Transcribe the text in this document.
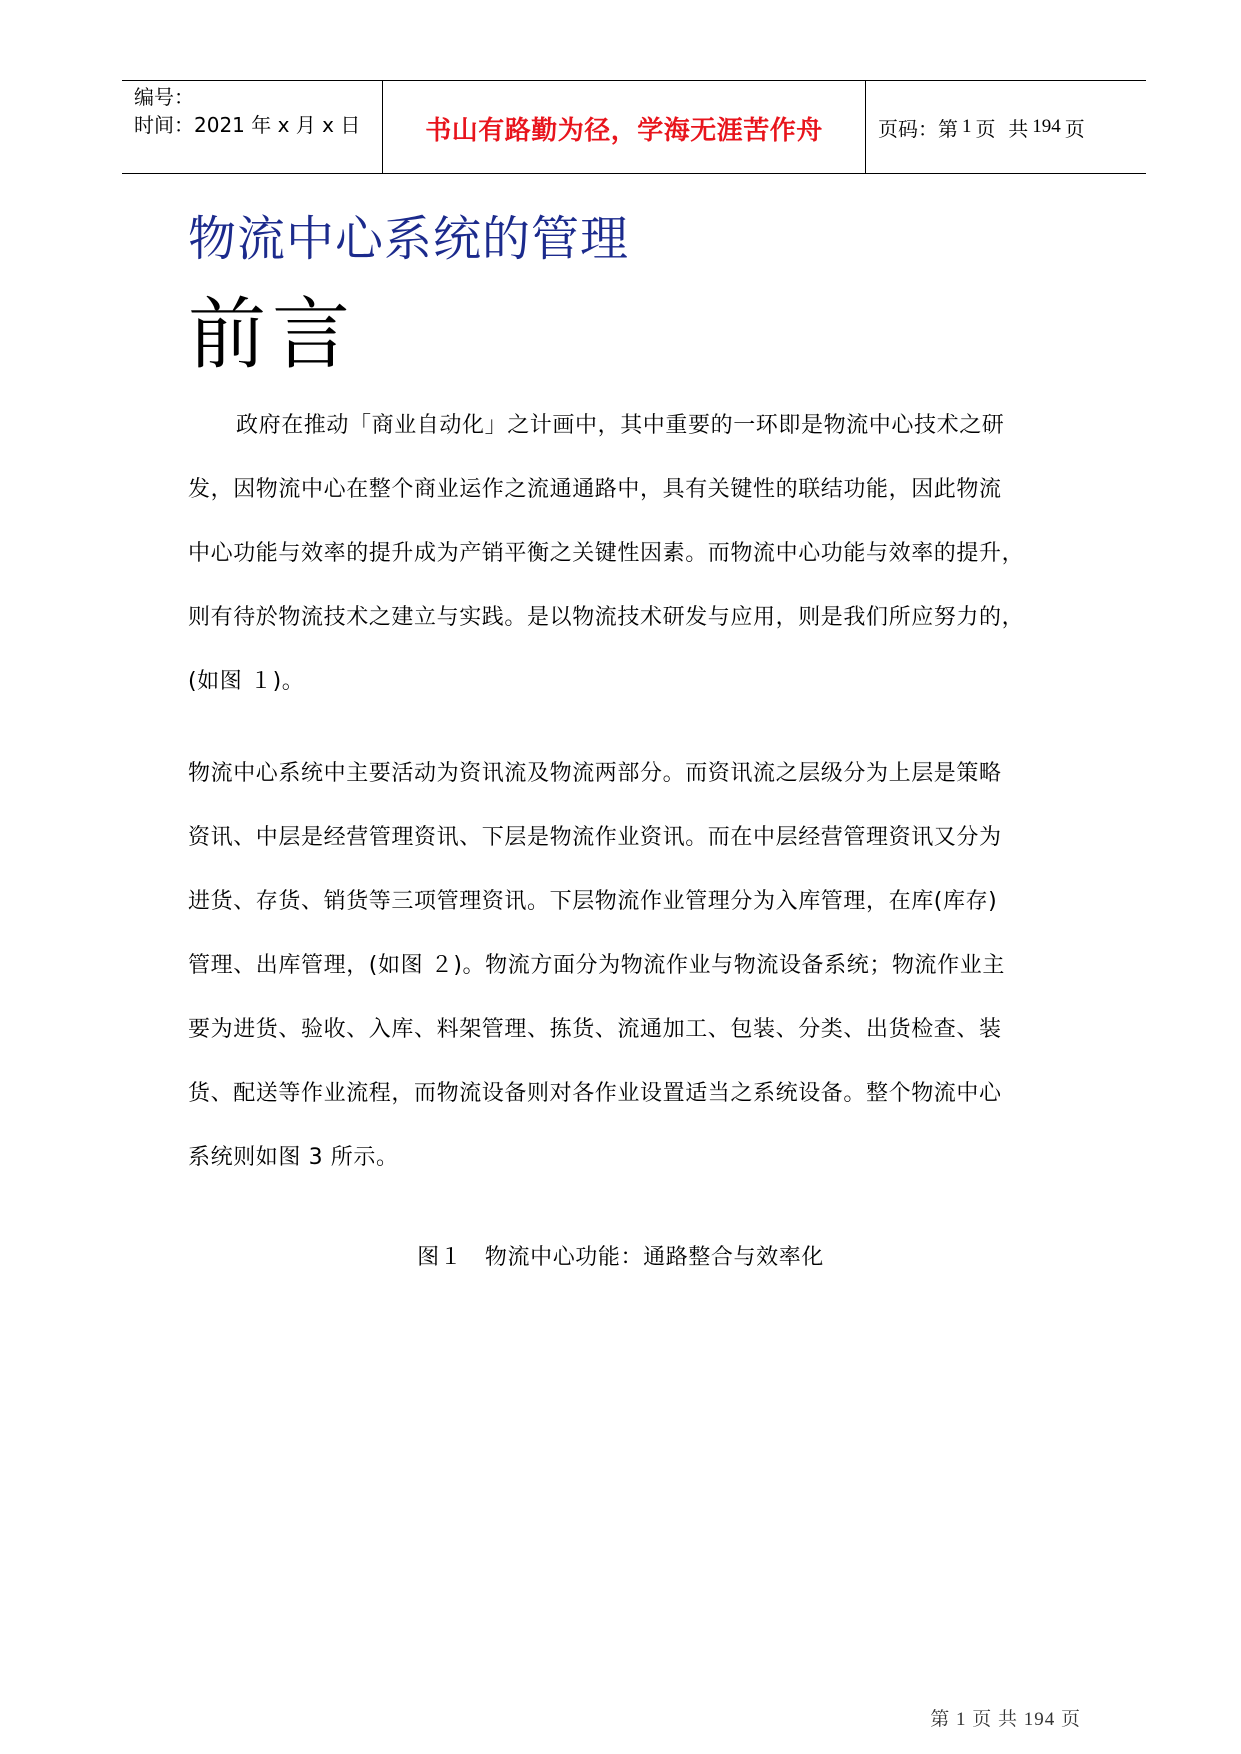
编号：
时间：2021 年 x 月 x 日	书山有路勤为径，学海无涯苦作舟	页码：第 1 页  共 194 页
物流中心系统的管理
前言
政府在推动「商业自动化」之计画中，其中重要的一环即是物流中心技术之研
发，因物流中心在整个商业运作之流通通路中，具有关键性的联结功能，因此物流
中心功能与效率的提升成为产销平衡之关键性因素。而物流中心功能与效率的提升，
则有待於物流技术之建立与实践。是以物流技术研发与应用，则是我们所应努力的，
(如图 １)。
物流中心系统中主要活动为资讯流及物流两部分。而资讯流之层级分为上层是策略
资讯、中层是经营管理资讯、下层是物流作业资讯。而在中层经营管理资讯又分为
进货、存货、销货等三项管理资讯。下层物流作业管理分为入库管理，在库(库存)
管理、出库管理，(如图 ２)。物流方面分为物流作业与物流设备系统；物流作业主
要为进货、验收、入库、料架管理、拣货、流通加工、包装、分类、出货检查、装
货、配送等作业流程，而物流设备则对各作业设置适当之系统设备。整个物流中心
系统则如图 3 所示。
图１　物流中心功能：通路整合与效率化
第 1 页 共 194 页
